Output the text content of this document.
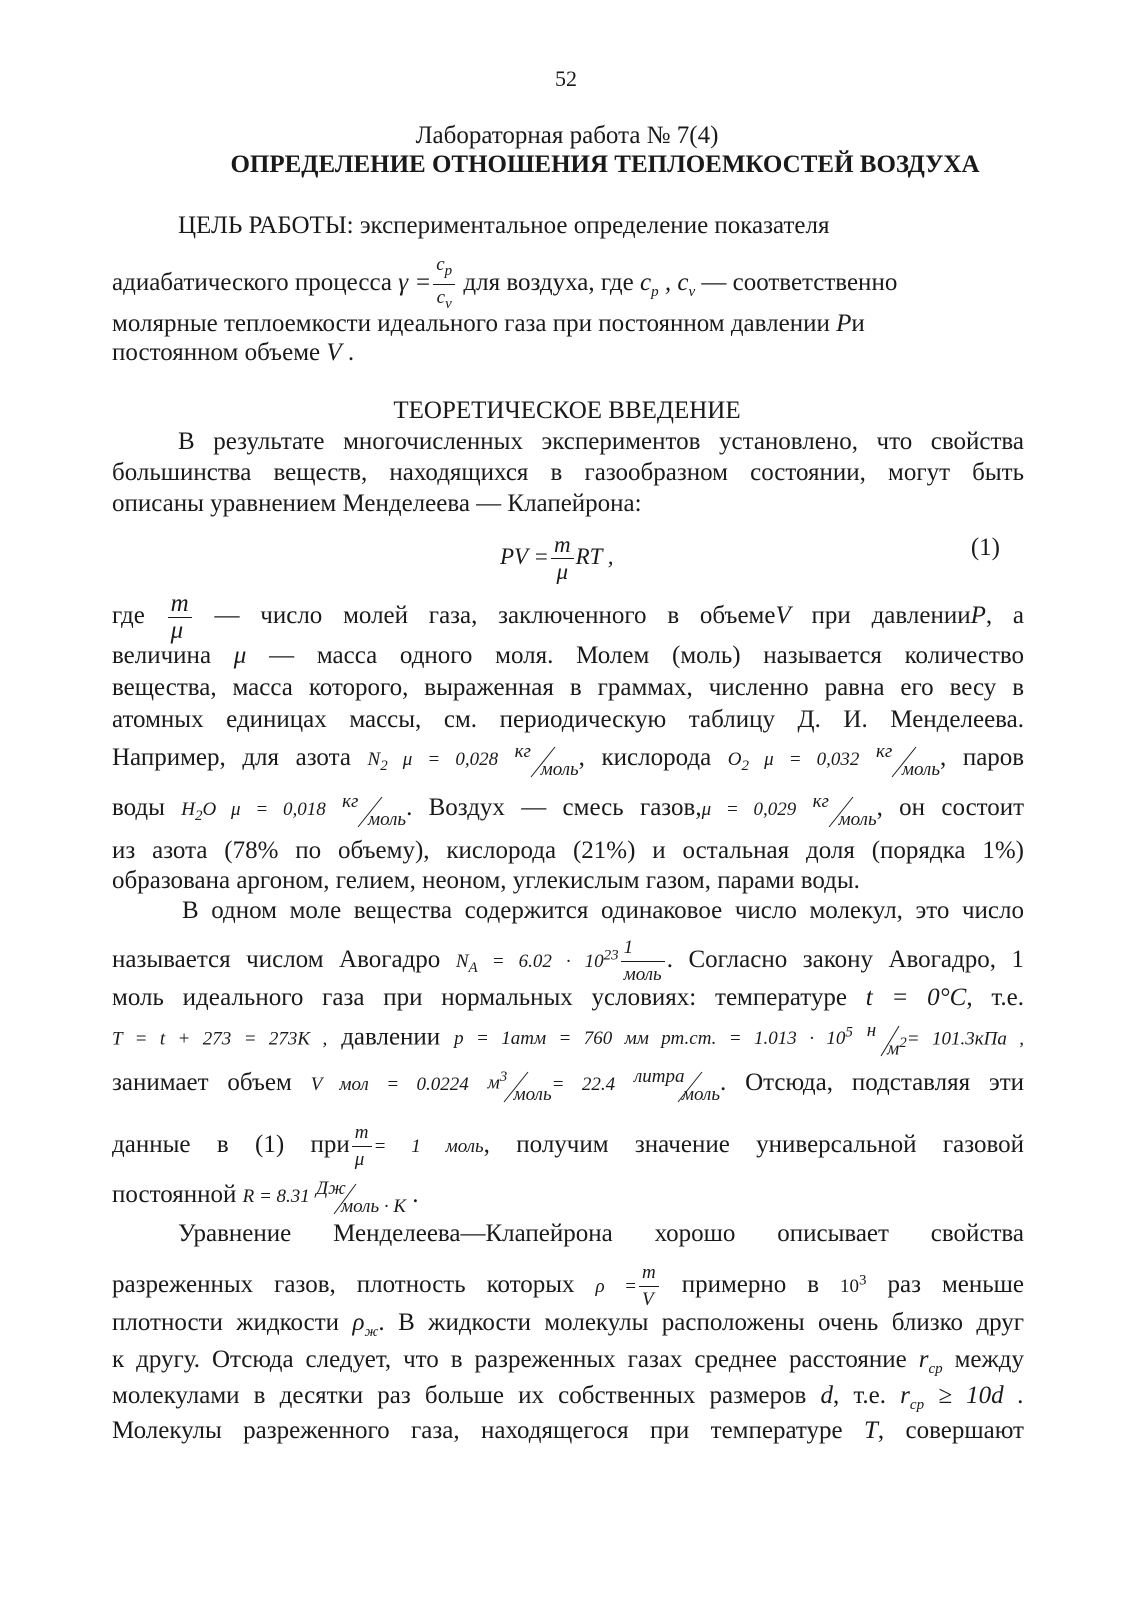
52
Лабораторная работа № 7(4)
ОПРЕДЕЛЕНИЕ ОТНОШЕНИЯ ТЕПЛОЕМКОСТЕЙ ВОЗДУХА
ЦЕЛЬ РАБОТЫ: экспериментальное определение показателя
адиабатического процесса $\gamma = \frac{c_p}{c_v}$ для воздуха, где $c_p$ , $c_v$ — соответственно
молярные теплоемкости идеального газа при постоянном давлении Pи
постоянном объеме V .
ТЕОРЕТИЧЕСКОЕ ВВЕДЕНИЕ
В результате многочисленных экспериментов установлено, что свойства
большинства веществ, находящихся в газообразном состоянии, могут быть
описаны уравнением Менделеева — Клапейрона:
PV = $\frac{m}{\mu}$ RT ,	(1)
где $\frac{m}{\mu}$ — число молей газа, заключенного в объемеV при давленииP, а
величина μ — масса одного моля. Молем (моль) называется количество
вещества, масса которого, выраженная в граммах, численно равна его весу в
атомных единицах массы, см. периодическую таблицу Д. И. Менделеева.
Например, для азота $N_2$ μ = 0,028 кг
моль , кислорода $O_2$ μ = 0,032 кг
моль , паров
воды $H_2O$ μ = 0,018 кг
моль . Воздух — смесь газов,μ = 0,029 кг
моль , он состоит
из азота (78% по объему), кислорода (21%) и остальная доля (порядка 1%)
образована аргоном, гелием, неоном, углекислым газом, парами воды.
В одном моле вещества содержится одинаковое число молекул, это число
называется числом Авогадро $N_A = 6.02 \cdot 10^{23} \frac{1}{\text{моль}}$ . Согласно закону Авогадро, 1
моль идеального газа при нормальных условиях: температуре t = 0°C, т.е.
T = t + 273 = 273K , давлении p = 1атм = 760 мм рт.ст. = $1.013 \cdot 10^5$ н
$м^2 = 101.3кПа$ ,
занимает объем V мол = 0.0224 $м^3$
моль = 22.4 литра
моль . Отсюда, подставляя эти
данные в (1) при $\frac{m}{\mu} = 1$ моль, получим значение универсальной газовой
постоянной R = 8.31 Дж
моль · K .
Уравнение Менделеева—Клапейрона хорошо описывает свойства
разреженных газов, плотность которых $\rho = \frac{m}{V}$ примерно в $10^3$ раз меньше
плотности жидкости $\rho_ж$. В жидкости молекулы расположены очень близко друг
к другу. Отсюда следует, что в разреженных газах среднее расстояние $r_{ср}$ между
молекулами в десятки раз больше их собственных размеров d, т.е. $r_{ср} \ge 10d$ .
Молекулы разреженного газа, находящегося при температуре T, совершают
